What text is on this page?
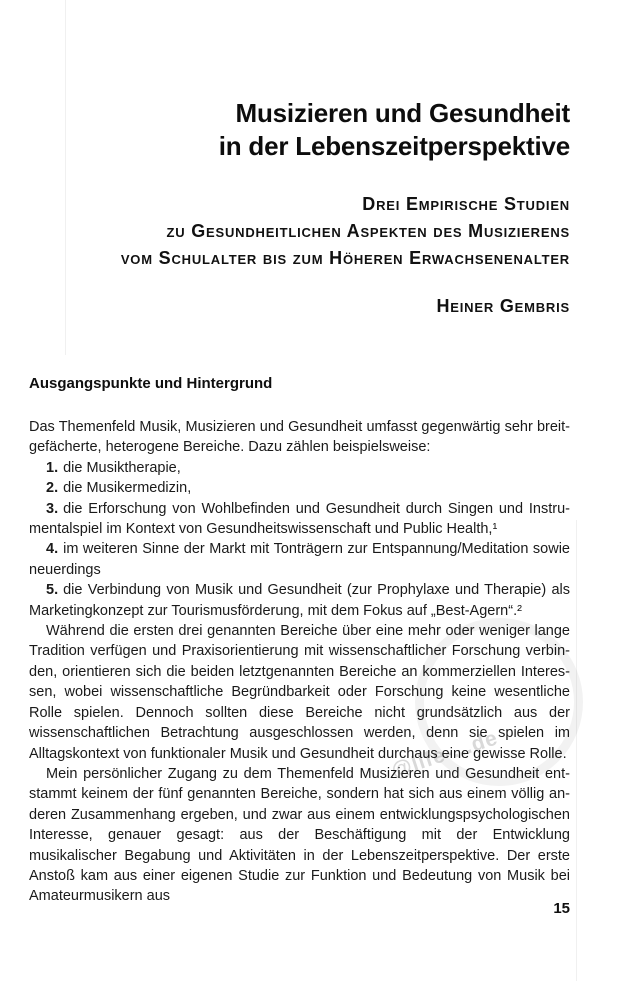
@life-...de
Musizieren und Gesundheit
in der Lebenszeitperspektive
Drei Empirische Studien
zu Gesundheitlichen Aspekten des Musizierens
vom Schulalter bis zum Höheren Erwachsenenalter
Heiner Gembris
Ausgangspunkte und Hintergrund

Das Themenfeld Musik, Musizieren und Gesundheit umfasst gegenwärtig sehr breitgefächerte, heterogene Bereiche. Dazu zählen beispielsweise:

1. die Musiktherapie,

2. die Musikermedizin,

3. die Erforschung von Wohlbefinden und Gesundheit durch Singen und Instrumentalspiel im Kontext von Gesundheitswissenschaft und Public Health,¹

4. im weiteren Sinne der Markt mit Tonträgern zur Entspannung/Meditation sowie neuerdings

5. die Verbindung von Musik und Gesundheit (zur Prophylaxe und Therapie) als Marketingkonzept zur Tourismusförderung, mit dem Fokus auf „Best-Agern“.²

Während die ersten drei genannten Bereiche über eine mehr oder weniger lange Tradition verfügen und Praxisorientierung mit wissenschaftlicher Forschung verbinden, orientieren sich die beiden letztgenannten Bereiche an kommerziellen Interessen, wobei wissenschaftliche Begründbarkeit oder Forschung keine wesentliche Rolle spielen. Dennoch sollten diese Bereiche nicht grundsätzlich aus der wissenschaftlichen Betrachtung ausgeschlossen werden, denn sie spielen im Alltagskontext von funktionaler Musik und Gesundheit durchaus eine gewisse Rolle.

Mein persönlicher Zugang zu dem Themenfeld Musizieren und Gesundheit entstammt keinem der fünf genannten Bereiche, sondern hat sich aus einem völlig anderen Zusammenhang ergeben, und zwar aus einem entwicklungspsychologischen Interesse, genauer gesagt: aus der Beschäftigung mit der Entwicklung musikalischer Begabung und Aktivitäten in der Lebenszeitperspektive. Der erste Anstoß kam aus einer eigenen Studie zur Funktion und Bedeutung von Musik bei Amateurmusikern aus

15
